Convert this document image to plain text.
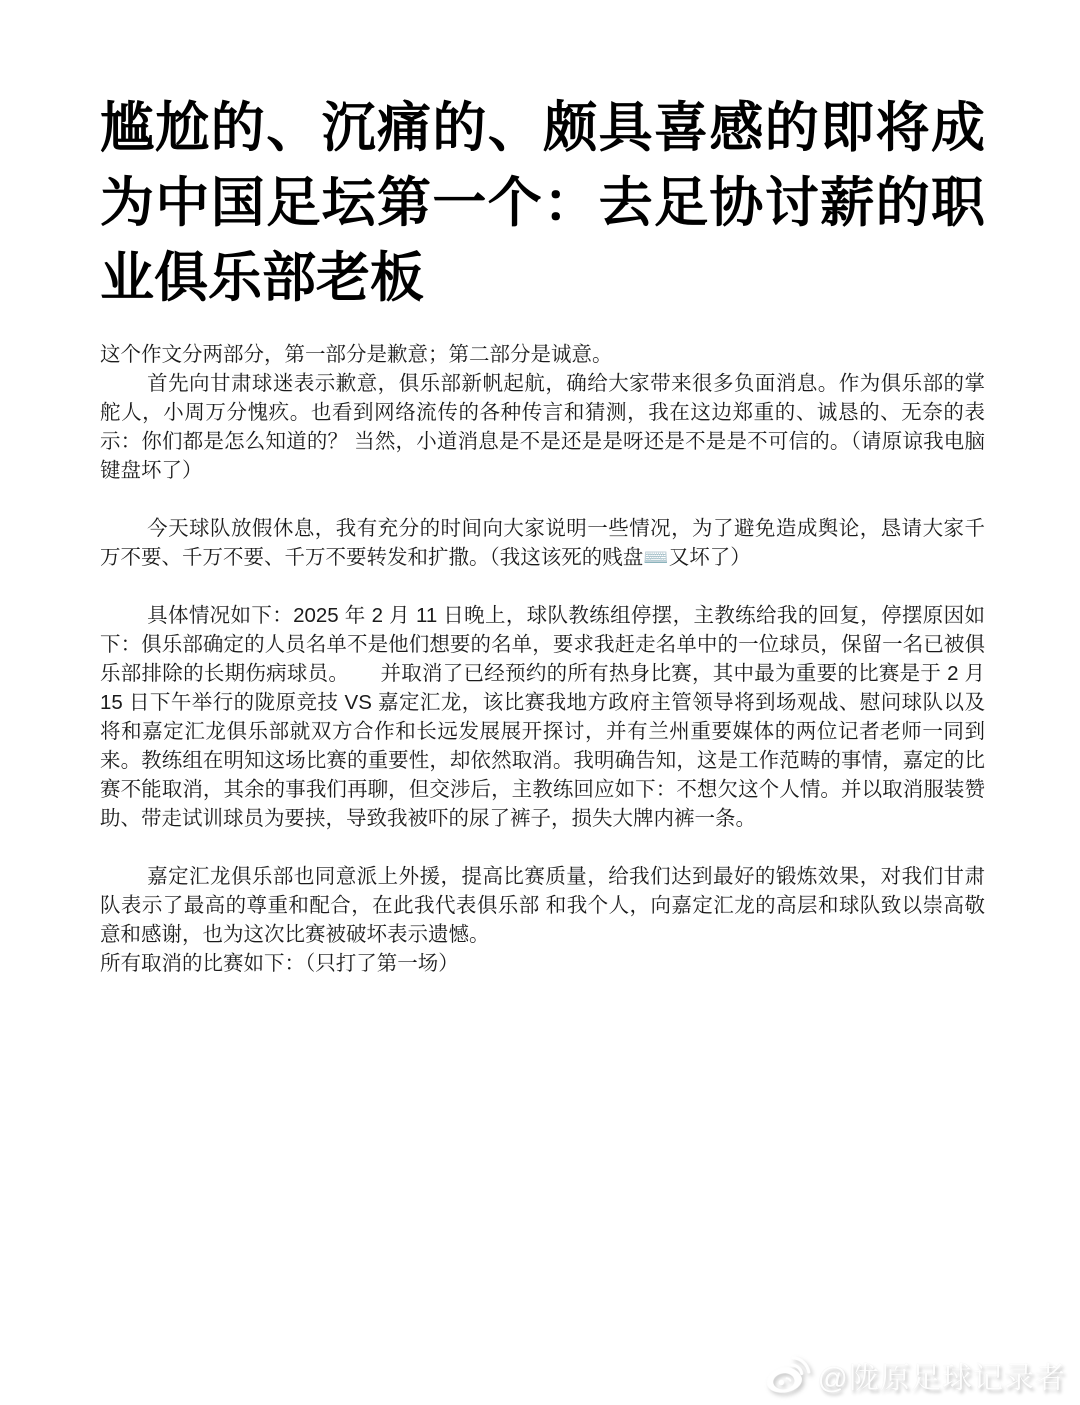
尴尬的、沉痛的、颇具喜感的即将成为中国足坛第一个：去足协讨薪的职业俱乐部老板

这个作文分两部分，第一部分是歉意；第二部分是诚意。

首先向甘肃球迷表示歉意，俱乐部新帆起航，确给大家带来很多负面消息。作为俱乐部的掌舵人，小周万分愧疚。也看到网络流传的各种传言和猜测，我在这边郑重的、诚恳的、无奈的表示：你们都是怎么知道的？ 当然，小道消息是不是还是是呀还是不是是不可信的。（请原谅我电脑键盘坏了）

今天球队放假休息，我有充分的时间向大家说明一些情况，为了避免造成舆论，恳请大家千万不要、千万不要、千万不要转发和扩撒。（我这该死的贱盘⌨️又坏了）

具体情况如下：2025 年 2 月 11 日晚上，球队教练组停摆，主教练给我的回复，停摆原因如下：俱乐部确定的人员名单不是他们想要的名单，要求我赶走名单中的一位球员，保留一名已被俱乐部排除的长期伤病球员。　　并取消了已经预约的所有热身比赛，其中最为重要的比赛是于 2 月 15 日下午举行的陇原竞技 VS 嘉定汇龙，该比赛我地方政府主管领导将到场观战、慰问球队以及将和嘉定汇龙俱乐部就双方合作和长远发展展开探讨，并有兰州重要媒体的两位记者老师一同到来。教练组在明知这场比赛的重要性，却依然取消。我明确告知，这是工作范畴的事情，嘉定的比赛不能取消，其余的事我们再聊，但交涉后，主教练回应如下：不想欠这个人情。并以取消服装赞助、带走试训球员为要挟，导致我被吓的尿了裤子，损失大牌内裤一条。

嘉定汇龙俱乐部也同意派上外援，提高比赛质量，给我们达到最好的锻炼效果，对我们甘肃队表示了最高的尊重和配合，在此我代表俱乐部 和我个人，向嘉定汇龙的高层和球队致以崇高敬意和感谢，也为这次比赛被破坏表示遗憾。

所有取消的比赛如下：（只打了第一场）

@陇原足球记录者
